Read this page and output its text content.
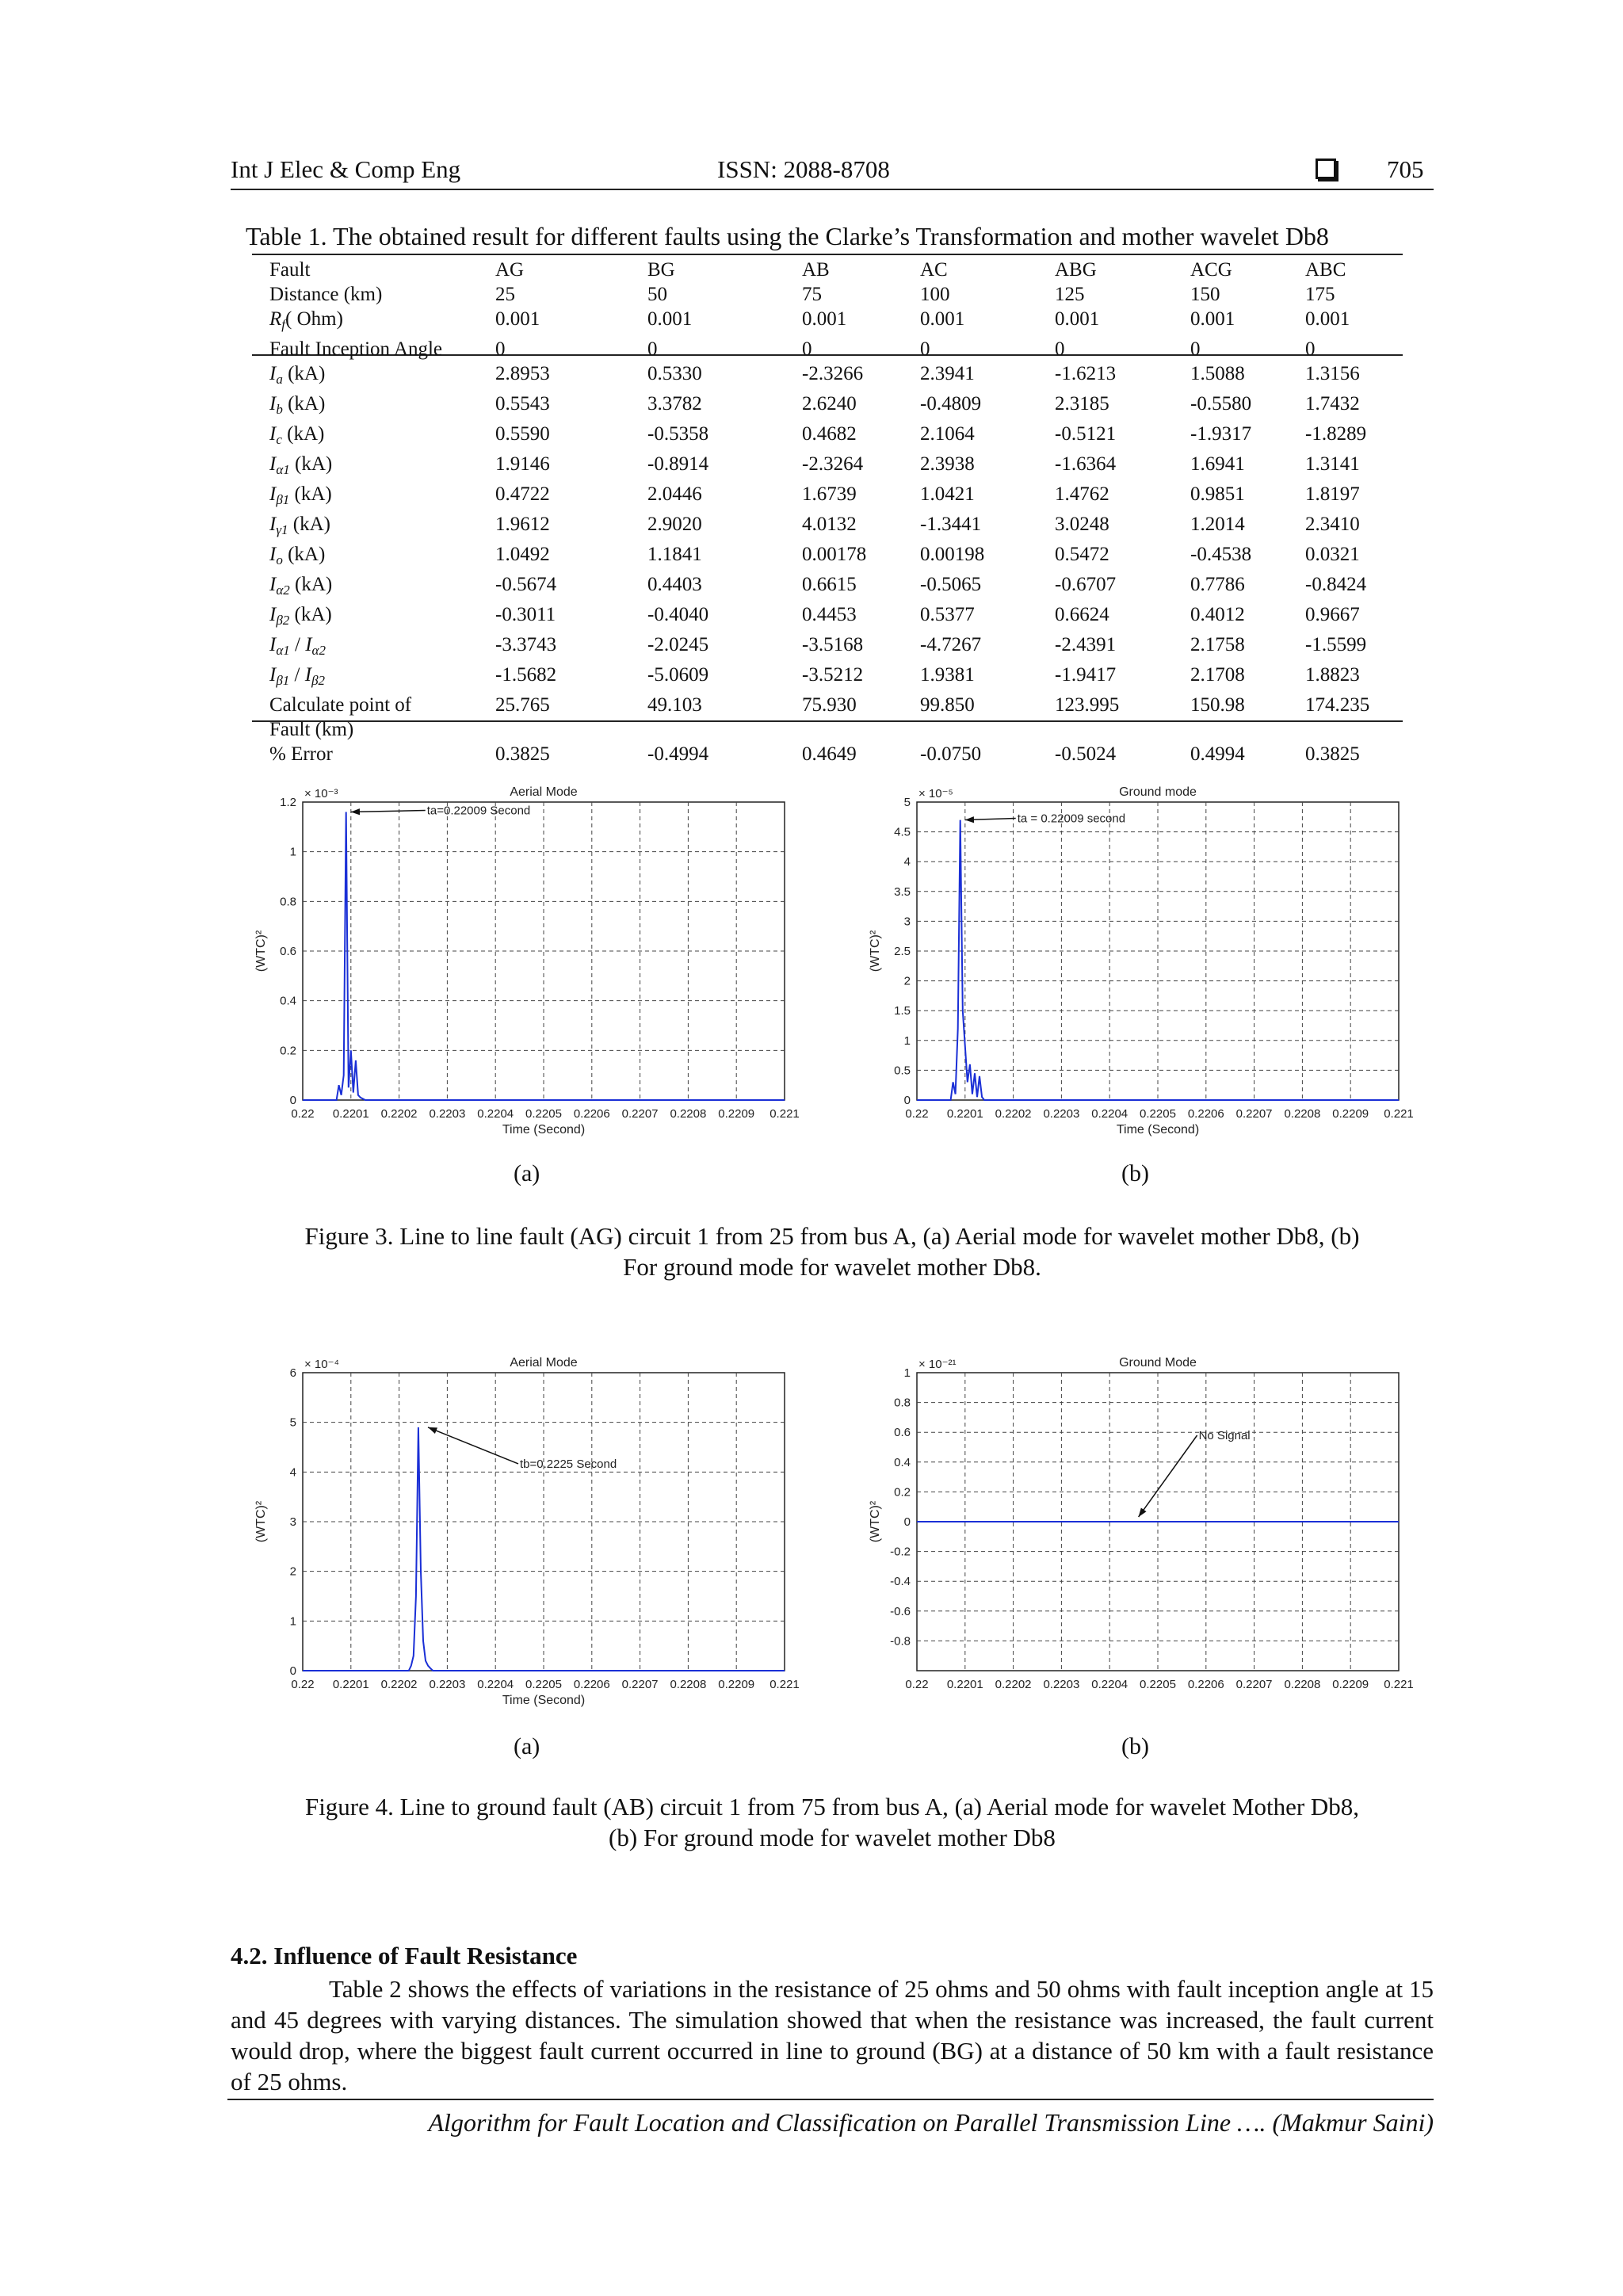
Int J Elec & Comp Eng	ISSN: 2088-8708	705
Table 1. The obtained result for different faults using the Clarke’s Transformation and mother wavelet Db8
Fault	AG	BG	AB	AC	ABG	ACG	ABC
Distance (km)	25	50	75	100	125	150	175
$R_f$( Ohm)	0.001	0.001	0.001	0.001	0.001	0.001	0.001
Fault Inception Angle	0	0	0	0	0	0	0
$I_a$ (kA)	2.8953	0.5330	-2.3266	2.3941	-1.6213	1.5088	1.3156
$I_b$ (kA)	0.5543	3.3782	2.6240	-0.4809	2.3185	-0.5580	1.7432
$I_c$ (kA)	0.5590	-0.5358	0.4682	2.1064	-0.5121	-1.9317	-1.8289
$I_{\alpha 1}$ (kA)	1.9146	-0.8914	-2.3264	2.3938	-1.6364	1.6941	1.3141
$I_{\beta 1}$ (kA)	0.4722	2.0446	1.6739	1.0421	1.4762	0.9851	1.8197
$I_{\gamma 1}$ (kA)	1.9612	2.9020	4.0132	-1.3441	3.0248	1.2014	2.3410
$I_o$ (kA)	1.0492	1.1841	0.00178	0.00198	0.5472	-0.4538	0.0321
$I_{\alpha 2}$ (kA)	-0.5674	0.4403	0.6615	-0.5065	-0.6707	0.7786	-0.8424
$I_{\beta 2}$ (kA)	-0.3011	-0.4040	0.4453	0.5377	0.6624	0.4012	0.9667
$I_{\alpha 1} / I_{\alpha 2}$	-3.3743	-2.0245	-3.5168	-4.7267	-2.4391	2.1758	-1.5599
$I_{\beta 1} / I_{\beta 2}$	-1.5682	-5.0609	-3.5212	1.9381	-1.9417	2.1708	1.8823
Calculate point of
Fault (km)	25.765	49.103	75.930	99.850	123.995	150.98	174.235
% Error	0.3825	-0.4994	0.4649	-0.0750	-0.5024	0.4994	0.3825
0.22 0.2201 0.2202 0.2203 0.2204 0.2205 0.2206 0.2207 0.2208 0.2209 0.221
0
0.2
0.4
0.6
0.8
1
1.2
Aerial Mode
× 10⁻³
Time (Second)
(WTC)²
ta=0.22009 Second
0.22 0.2201 0.2202 0.2203 0.2204 0.2205 0.2206 0.2207 0.2208 0.2209 0.221
0
0.5
1
1.5
2
2.5
3
3.5
4
4.5
5
Ground mode
× 10⁻⁵
Time (Second)
(WTC)²
ta = 0.22009 second
(a)	(b)
Figure 3. Line to line fault (AG) circuit 1 from 25 from bus A, (a) Aerial mode for wavelet mother Db8, (b)
For ground mode for wavelet mother Db8.
0.22 0.2201 0.2202 0.2203 0.2204 0.2205 0.2206 0.2207 0.2208 0.2209 0.221
0
1
2
3
4
5
6
Aerial Mode
× 10⁻⁴
Time (Second)
(WTC)²
tb=0.2225 Second
0.22 0.2201 0.2202 0.2203 0.2204 0.2205 0.2206 0.2207 0.2208 0.2209 0.221
-0.8
-0.6
-0.4
-0.2
0
0.2
0.4
0.6
0.8
1
Ground Mode
× 10⁻²¹
(WTC)²
No Signal
(a)	(b)
Figure 4. Line to ground fault (AB) circuit 1 from 75 from bus A, (a) Aerial mode for wavelet Mother Db8,
(b) For ground mode for wavelet mother Db8
4.2. Influence of Fault Resistance
Table 2 shows the effects of variations in the resistance of 25 ohms and 50 ohms with fault inception angle at 15 and 45 degrees with varying distances. The simulation showed that when the resistance was increased, the fault current would drop, where the biggest fault current occurred in line to ground (BG) at a distance of 50 km with a fault resistance of 25 ohms.
Algorithm for Fault Location and Classification on Parallel Transmission Line …. (Makmur Saini)
